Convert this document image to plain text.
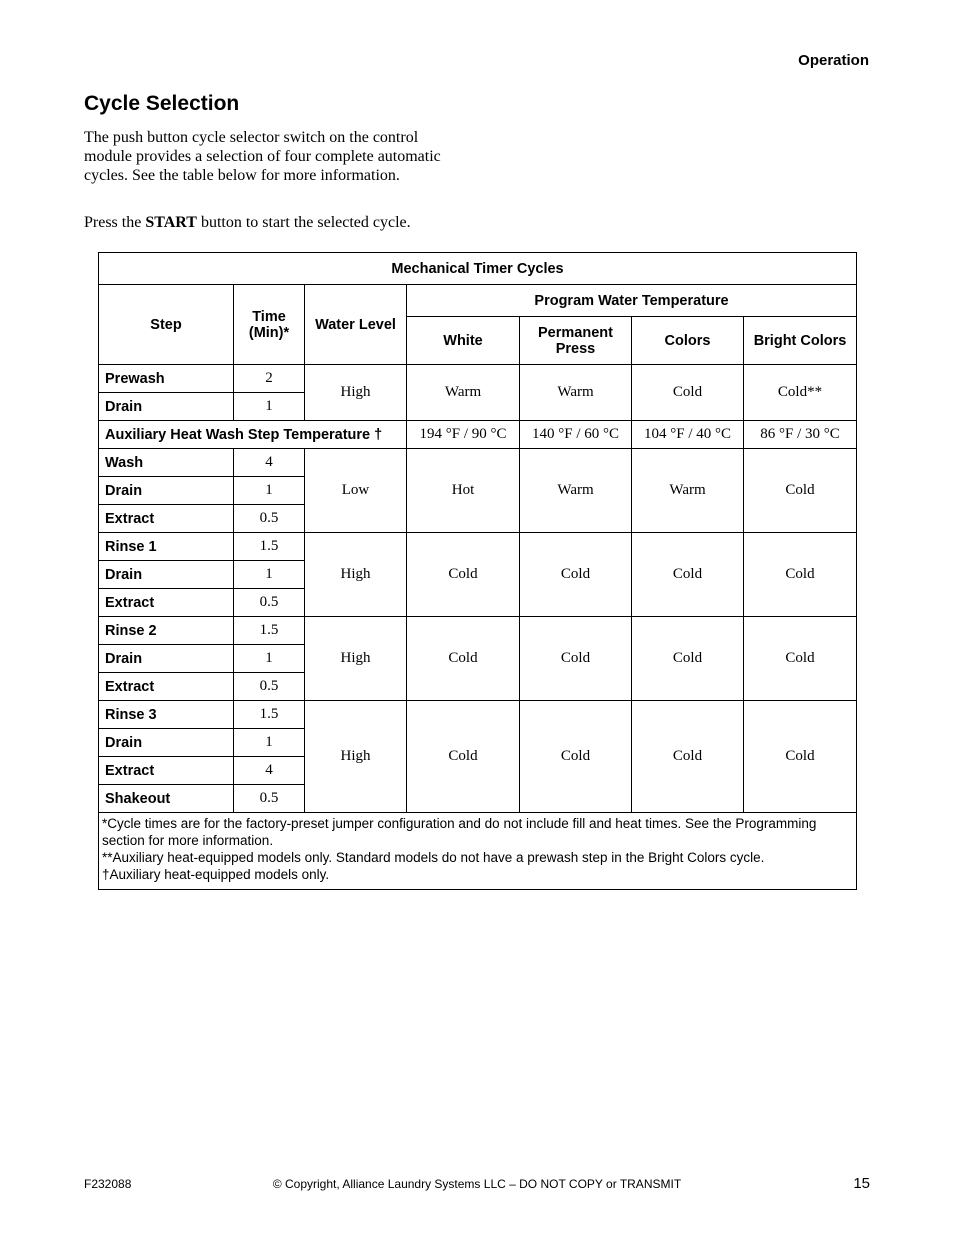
Operation
Cycle Selection

The push button cycle selector switch on the control module provides a selection of four complete automatic cycles. See the table below for more information.

Press the START button to start the selected cycle.

Mechanical Timer Cycles						
Step	Time (Min)*	Water Level	Program Water Temperature			
			White	Permanent Press	Colors	Bright Colors
Prewash	2	High	Warm	Warm	Cold	Cold**
Drain	1					
Auxiliary Heat Wash Step Temperature †			194 °F / 90 °C	140 °F / 60 °C	104 °F / 40 °C	86 °F / 30 °C
Wash	4	Low	Hot	Warm	Warm	Cold
Drain	1					
Extract	0.5					
Rinse 1	1.5	High	Cold	Cold	Cold	Cold
Drain	1					
Extract	0.5					
Rinse 2	1.5	High	Cold	Cold	Cold	Cold
Drain	1					
Extract	0.5					
Rinse 3	1.5	High	Cold	Cold	Cold	Cold
Drain	1					
Extract	4					
Shakeout	0.5					

*Cycle times are for the factory-preset jumper configuration and do not include fill and heat times. See the Programming section for more information.
**Auxiliary heat-equipped models only. Standard models do not have a prewash step in the Bright Colors cycle.
†Auxiliary heat-equipped models only.						
F232088	© Copyright, Alliance Laundry Systems LLC – DO NOT COPY or TRANSMIT	15
